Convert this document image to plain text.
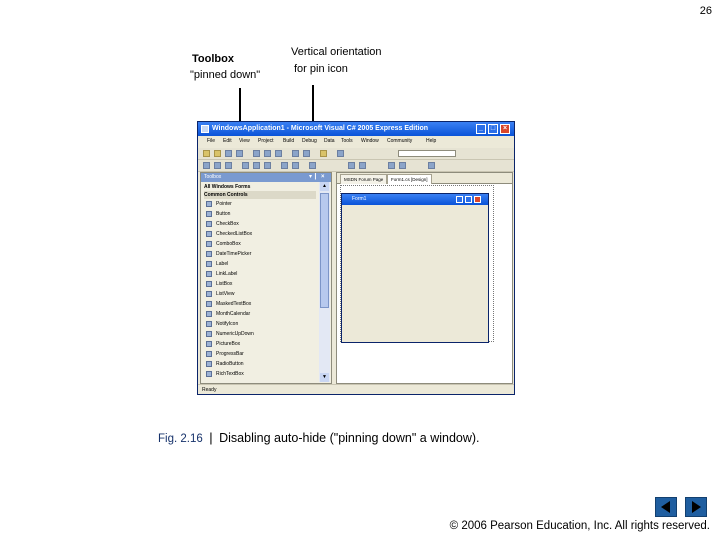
26
Toolbox
"pinned down"
Vertical orientation
for pin icon
WindowsApplication1 - Microsoft Visual C# 2005 Express Edition	_	□	×
File Edit View Project Build Debug Data Tools Window Community	Help
Toolbox	▾ ┃ ×
All Windows Forms
Common Controls
Pointer
Button
CheckBox
CheckedListBox
ComboBox
DateTimePicker
Label
LinkLabel
ListBox
ListView
MaskedTextBox
MonthCalendar
NotifyIcon
NumericUpDown
PictureBox
ProgressBar
RadioButton
RichTextBox
▲
▼
MSDN Forum Page	Form1.cs [Design]
Form1
Ready
Fig. 2.16 | Disabling auto-hide ("pinning down" a window).
© 2006 Pearson Education, Inc. All rights reserved.
